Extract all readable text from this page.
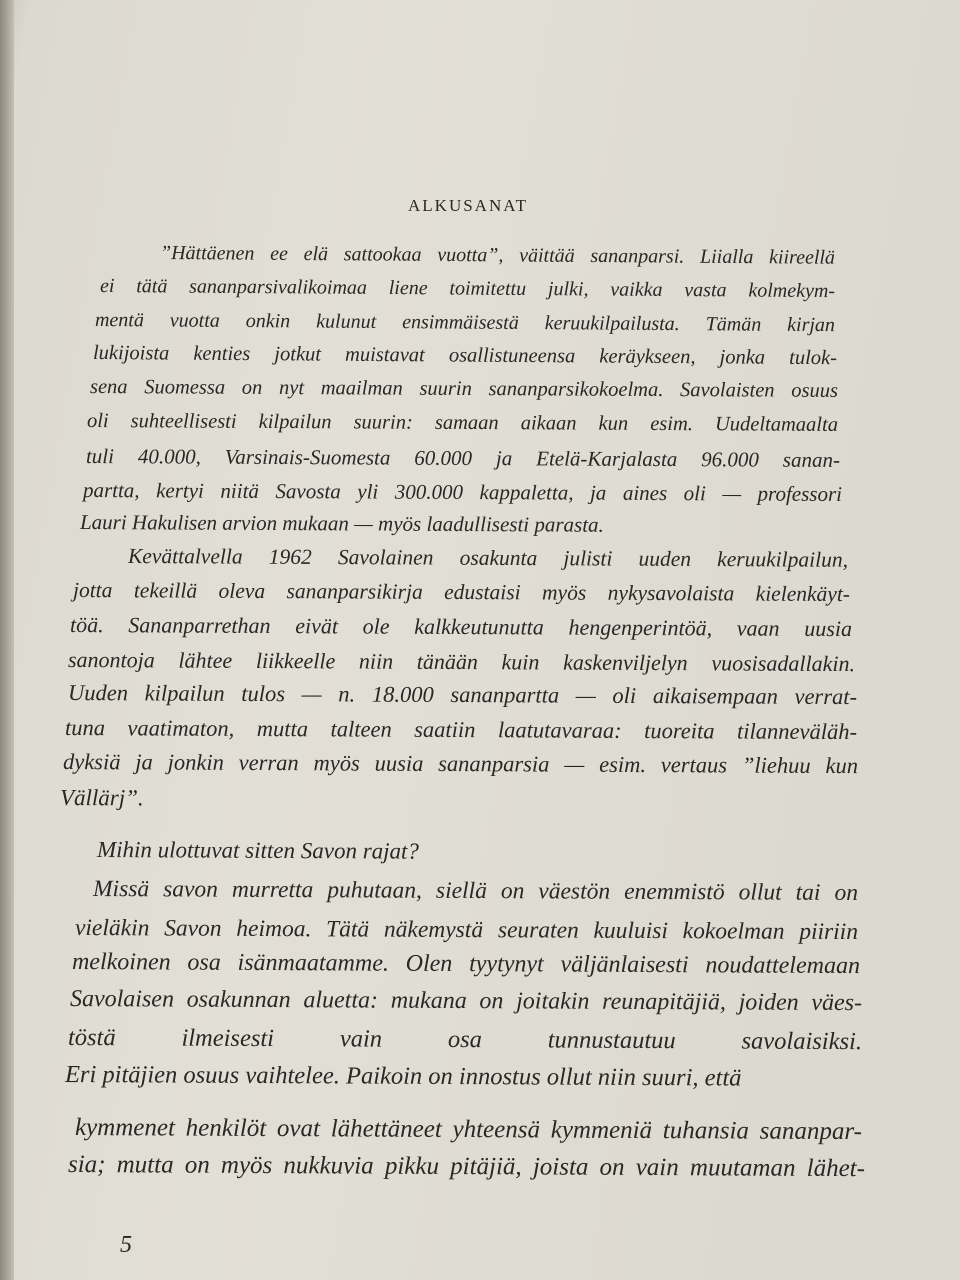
ALKUSANAT
”Hättäenen ee elä sattookaa vuotta”, väittää sananparsi. Liialla kiireellä
ei tätä sananparsivalikoimaa liene toimitettu julki, vaikka vasta kolmekym-
mentä vuotta onkin kulunut ensimmäisestä keruukilpailusta. Tämän kirjan
lukijoista kenties jotkut muistavat osallistuneensa keräykseen, jonka tulok-
sena Suomessa on nyt maailman suurin sananparsikokoelma. Savolaisten osuus
oli suhteellisesti kilpailun suurin: samaan aikaan kun esim. Uudeltamaalta
tuli 40.000, Varsinais-Suomesta 60.000 ja Etelä-Karjalasta 96.000 sanan-
partta, kertyi niitä Savosta yli 300.000 kappaletta, ja aines oli — professori
Lauri Hakulisen arvion mukaan — myös laadullisesti parasta.
Kevättalvella 1962 Savolainen osakunta julisti uuden keruukilpailun,
jotta tekeillä oleva sananparsikirja edustaisi myös nykysavolaista kielenkäyt-
töä. Sananparrethan eivät ole kalkkeutunutta hengenperintöä, vaan uusia
sanontoja lähtee liikkeelle niin tänään kuin kaskenviljelyn vuosisadallakin.
Uuden kilpailun tulos — n. 18.000 sananpartta — oli aikaisempaan verrat-
tuna vaatimaton, mutta talteen saatiin laatutavaraa: tuoreita tilanneväläh-
dyksiä ja jonkin verran myös uusia sananparsia — esim. vertaus ”liehuu kun
Vällärj”.
Mihin ulottuvat sitten Savon rajat?
Missä savon murretta puhutaan, siellä on väestön enemmistö ollut tai on
vieläkin Savon heimoa. Tätä näkemystä seuraten kuuluisi kokoelman piiriin
melkoinen osa isänmaatamme. Olen tyytynyt väljänlaisesti noudattelemaan
Savolaisen osakunnan aluetta: mukana on joitakin reunapitäjiä, joiden väes-
töstä ilmeisesti vain osa tunnustautuu savolaisiksi.
Eri pitäjien osuus vaihtelee. Paikoin on innostus ollut niin suuri, että
kymmenet henkilöt ovat lähettäneet yhteensä kymmeniä tuhansia sananpar-
sia; mutta on myös nukkuvia pikku pitäjiä, joista on vain muutaman lähet-
5
